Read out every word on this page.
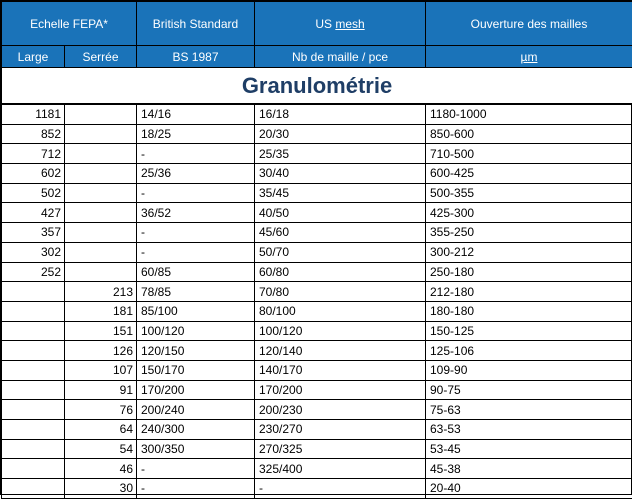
Granulométrie				
Echelle FEPA*		British Standard	US mesh	Ouverture des mailles
Large	Serrée	BS 1987	Nb de maille / pce	µm
1181		14/16	16/18	1180-1000
852		18/25	20/30	850-600
712		-	25/35	710-500
602		25/36	30/40	600-425
502		-	35/45	500-355
427		36/52	40/50	425-300
357		-	45/60	355-250
302		-	50/70	300-212
252		60/85	60/80	250-180
	213	78/85	70/80	212-180
	181	85/100	80/100	180-180
	151	100/120	100/120	150-125
	126	120/150	120/140	125-106
	107	150/170	140/170	109-90
	91	170/200	170/200	90-75
	76	200/240	200/230	75-63
	64	240/300	230/270	63-53
	54	300/350	270/325	53-45
	46	-	325/400	45-38
	30	-	-	20-40
